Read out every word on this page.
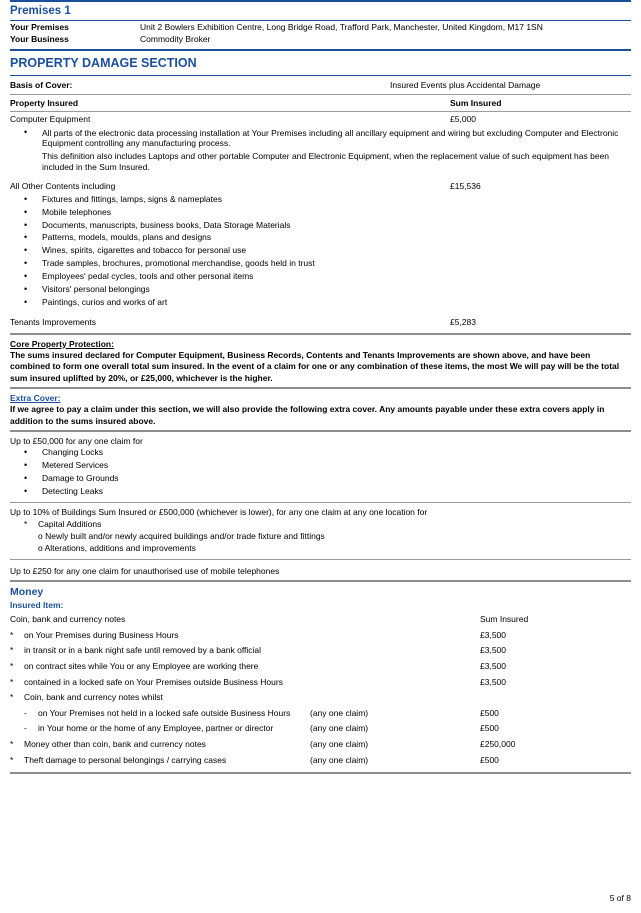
Premises 1
Your Premises	Unit 2 Bowlers Exhibition Centre, Long Bridge Road, Trafford Park, Manchester, United Kingdom, M17 1SN
Your Business	Commodity Broker
PROPERTY DAMAGE SECTION
Basis of Cover:	Insured Events plus Accidental Damage
Property Insured	Sum Insured
Computer Equipment	£5,000
• All parts of the electronic data processing installation at Your Premises including all ancillary equipment and wiring but excluding Computer and Electronic Equipment controlling any manufacturing process.
This definition also includes Laptops and other portable Computer and Electronic Equipment, when the replacement value of such equipment has been included in the Sum Insured.
All Other Contents including	£15,536
• Fixtures and fittings, lamps, signs & nameplates
• Mobile telephones
• Documents, manuscripts, business books, Data Storage Materials
• Patterns, models, moulds, plans and designs
• Wines, spirits, cigarettes and tobacco for personal use
• Trade samples, brochures, promotional merchandise, goods held in trust
• Employees' pedal cycles, tools and other personal items
• Visitors' personal belongings
• Paintings, curios and works of art
Tenants Improvements	£5,283
Core Property Protection:
The sums insured declared for Computer Equipment, Business Records, Contents and Tenants Improvements are shown above, and have been combined to form one overall total sum insured. In the event of a claim for one or any combination of these items, the most We will pay will be the total sum insured uplifted by 20%, or £25,000, whichever is the higher.
Extra Cover:
If we agree to pay a claim under this section, we will also provide the following extra cover. Any amounts payable under these extra covers apply in addition to the sums insured above.
Up to £50,000 for any one claim for
• Changing Locks
• Metered Services
• Damage to Grounds
• Detecting Leaks
Up to 10% of Buildings Sum Insured or £500,000 (whichever is lower), for any one claim at any one location for
* Capital Additions
o Newly built and/or newly acquired buildings and/or trade fixture and fittings
o Alterations, additions and improvements
Up to £250 for any one claim for unauthorised use of mobile telephones
Money
Insured Item:
Coin, bank and currency notes	Sum Insured
* on Your Premises during Business Hours	£3,500
* in transit or in a bank night safe until removed by a bank official	£3,500
* on contract sites while You or any Employee are working there	£3,500
* contained in a locked safe on Your Premises outside Business Hours	£3,500
* Coin, bank and currency notes whilst
- on Your Premises not held in a locked safe outside Business Hours	(any one claim)	£500
- in Your home or the home of any Employee, partner or director	(any one claim)	£500
* Money other than coin, bank and currency notes	(any one claim)	£250,000
* Theft damage to personal belongings / carrying cases	(any one claim)	£500
5 of 8
